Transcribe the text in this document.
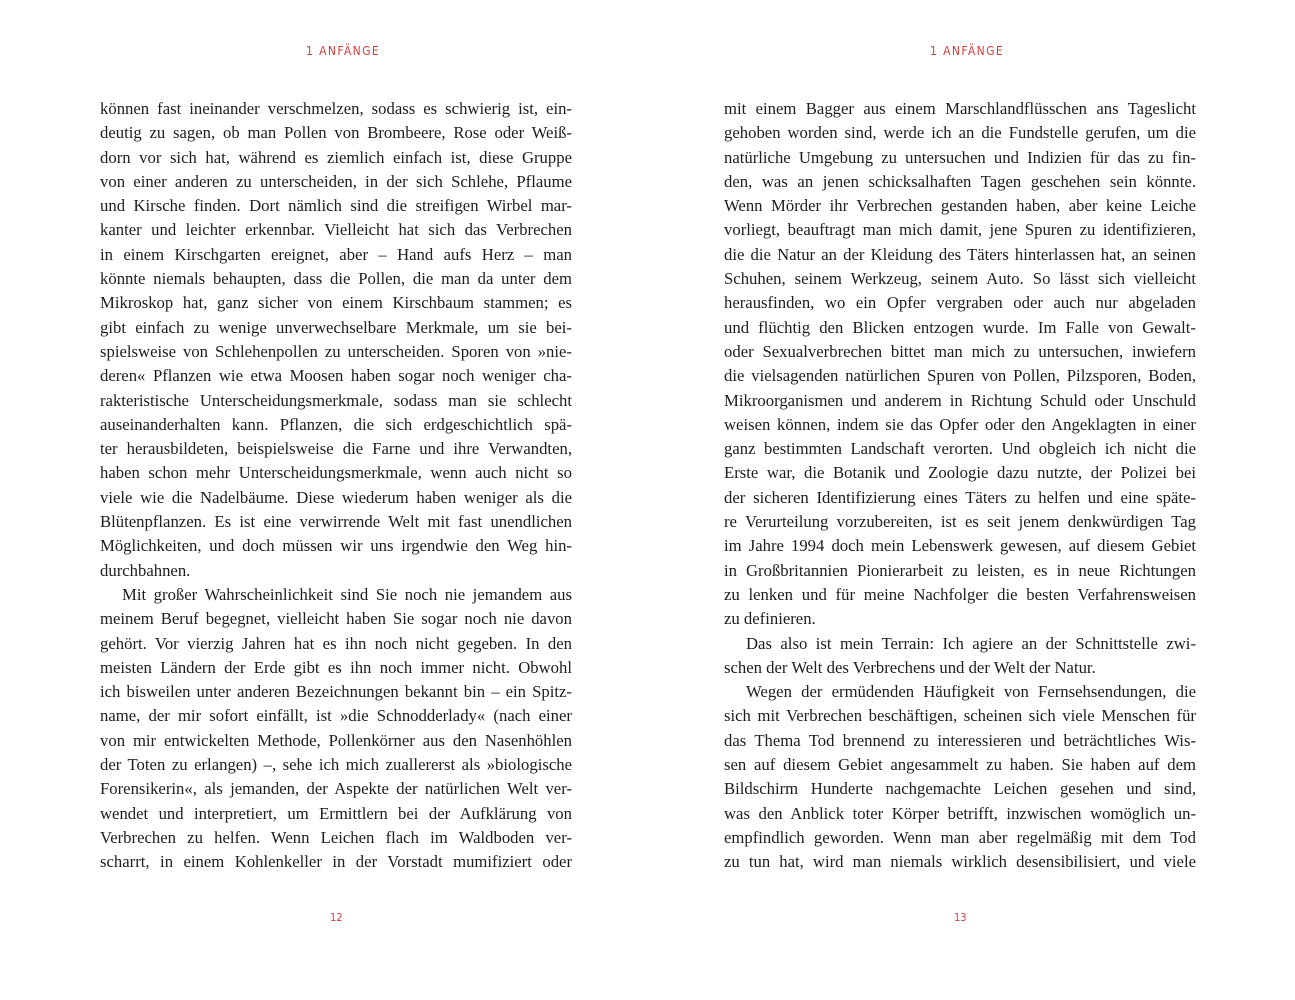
1 ANFÄNGE
können fast ineinander verschmelzen, sodass es schwierig ist, ein-
deutig zu sagen, ob man Pollen von Brombeere, Rose oder Weiß-
dorn vor sich hat, während es ziemlich einfach ist, diese Gruppe
von einer anderen zu unterscheiden, in der sich Schlehe, Pflaume
und Kirsche finden. Dort nämlich sind die streifigen Wirbel mar-
kanter und leichter erkennbar. Vielleicht hat sich das Verbrechen
in einem Kirschgarten ereignet, aber – Hand aufs Herz – man
könnte niemals behaupten, dass die Pollen, die man da unter dem
Mikroskop hat, ganz sicher von einem Kirschbaum stammen; es
gibt einfach zu wenige unverwechselbare Merkmale, um sie bei-
spielsweise von Schlehenpollen zu unterscheiden. Sporen von »nie-
deren« Pflanzen wie etwa Moosen haben sogar noch weniger cha-
rakteristische Unterscheidungsmerkmale, sodass man sie schlecht
auseinanderhalten kann. Pflanzen, die sich erdgeschichtlich spä-
ter herausbildeten, beispielsweise die Farne und ihre Verwandten,
haben schon mehr Unterscheidungsmerkmale, wenn auch nicht so
viele wie die Nadelbäume. Diese wiederum haben weniger als die
Blütenpflanzen. Es ist eine verwirrende Welt mit fast unendlichen
Möglichkeiten, und doch müssen wir uns irgendwie den Weg hin-
durchbahnen.
Mit großer Wahrscheinlichkeit sind Sie noch nie jemandem aus
meinem Beruf begegnet, vielleicht haben Sie sogar noch nie davon
gehört. Vor vierzig Jahren hat es ihn noch nicht gegeben. In den
meisten Ländern der Erde gibt es ihn noch immer nicht. Obwohl
ich bisweilen unter anderen Bezeichnungen bekannt bin – ein Spitz-
name, der mir sofort einfällt, ist »die Schnodderlady« (nach einer
von mir entwickelten Methode, Pollenkörner aus den Nasenhöhlen
der Toten zu erlangen) –, sehe ich mich zuallererst als »biologische
Forensikerin«, als jemanden, der Aspekte der natürlichen Welt ver-
wendet und interpretiert, um Ermittlern bei der Aufklärung von
Verbrechen zu helfen. Wenn Leichen flach im Waldboden ver-
scharrt, in einem Kohlenkeller in der Vorstadt mumifiziert oder
12
1 ANFÄNGE
mit einem Bagger aus einem Marschlandflüsschen ans Tageslicht
gehoben worden sind, werde ich an die Fundstelle gerufen, um die
natürliche Umgebung zu untersuchen und Indizien für das zu fin-
den, was an jenen schicksalhaften Tagen geschehen sein könnte.
Wenn Mörder ihr Verbrechen gestanden haben, aber keine Leiche
vorliegt, beauftragt man mich damit, jene Spuren zu identifizieren,
die die Natur an der Kleidung des Täters hinterlassen hat, an seinen
Schuhen, seinem Werkzeug, seinem Auto. So lässt sich vielleicht
herausfinden, wo ein Opfer vergraben oder auch nur abgeladen
und flüchtig den Blicken entzogen wurde. Im Falle von Gewalt-
oder Sexualverbrechen bittet man mich zu untersuchen, inwiefern
die vielsagenden natürlichen Spuren von Pollen, Pilzsporen, Boden,
Mikroorganismen und anderem in Richtung Schuld oder Unschuld
weisen können, indem sie das Opfer oder den Angeklagten in einer
ganz bestimmten Landschaft verorten. Und obgleich ich nicht die
Erste war, die Botanik und Zoologie dazu nutzte, der Polizei bei
der sicheren Identifizierung eines Täters zu helfen und eine späte-
re Verurteilung vorzubereiten, ist es seit jenem denkwürdigen Tag
im Jahre 1994 doch mein Lebenswerk gewesen, auf diesem Gebiet
in Großbritannien Pionierarbeit zu leisten, es in neue Richtungen
zu lenken und für meine Nachfolger die besten Verfahrensweisen
zu definieren.
Das also ist mein Terrain: Ich agiere an der Schnittstelle zwi-
schen der Welt des Verbrechens und der Welt der Natur.
Wegen der ermüdenden Häufigkeit von Fernsehsendungen, die
sich mit Verbrechen beschäftigen, scheinen sich viele Menschen für
das Thema Tod brennend zu interessieren und beträchtliches Wis-
sen auf diesem Gebiet angesammelt zu haben. Sie haben auf dem
Bildschirm Hunderte nachgemachte Leichen gesehen und sind,
was den Anblick toter Körper betrifft, inzwischen womöglich un-
empfindlich geworden. Wenn man aber regelmäßig mit dem Tod
zu tun hat, wird man niemals wirklich desensibilisiert, und viele
13
